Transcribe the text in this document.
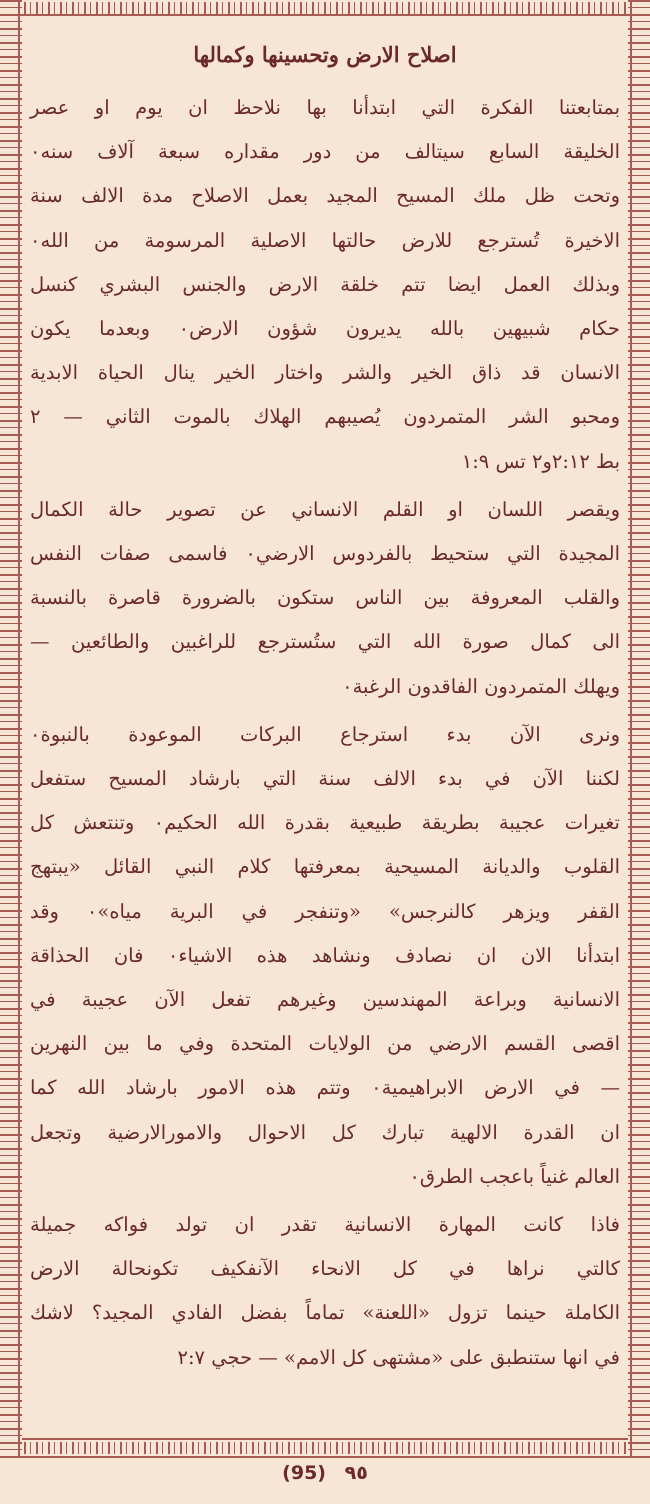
اصلاح الارض وتحسينها وكمالها

بمتابعتنا الفكرة التي ابتدأنا بها نلاحظ ان يوم او عصر

الخليقة السابع سيتالف من دور مقداره سبعة آلاف سنه٠

وتحت ظل ملك المسيح المجيد بعمل الاصلاح مدة الالف سنة

الاخيرة تُسترجع للارض حالتها الاصلية المرسومة من الله٠

وبذلك العمل ايضا تتم خلقة الارض والجنس البشري كنسل

حكام شبيهين بالله يديرون شؤون الارض٠ وبعدما يكون

الانسان قد ذاق الخير والشر واختار الخير ينال الحياة الابدية

ومحبو الشر المتمردون يُصيبهم الهلاك بالموت الثاني — ٢

بط ٢:١٢و٢ تس ١:٩

ويقصر اللسان او القلم الانساني عن تصوير حالة الكمال

المجيدة التي ستحيط بالفردوس الارضي٠ فاسمى صفات النفس

والقلب المعروفة بين الناس ستكون بالضرورة قاصرة بالنسبة

الى كمال صورة الله التي ستُسترجع للراغبين والطائعين —

ويهلك المتمردون الفاقدون الرغبة٠

ونرى الآن بدء استرجاع البركات الموعودة بالنبوة٠

لكننا الآن في بدء الالف سنة التي بارشاد المسيح ستفعل

تغيرات عجيبة بطريقة طبيعية بقدرة الله الحكيم٠ وتنتعش كل

القلوب والديانة المسيحية بمعرفتها كلام النبي القائل «يبتهج

القفر ويزهر كالنرجس» «وتنفجر في البرية مياه»٠ وقد

ابتدأنا الان ان نصادف ونشاهد هذه الاشياء٠ فان الحذاقة

الانسانية وبراعة المهندسين وغيرهم تفعل الآن عجيبة في

اقصى القسم الارضي من الولايات المتحدة وفي ما بين النهرين

— في الارض الابراهيمية٠ وتتم هذه الامور بارشاد الله كما

ان القدرة الالهية تبارك كل الاحوال والامورالارضية وتجعل

العالم غنياً باعجب الطرق٠

فاذا كانت المهارة الانسانية تقدر ان تولد فواكه جميلة

كالتي نراها في كل الانحاء الآنفكيف تكونحالة الارض

الكاملة حينما تزول «اللعنة» تماماً بفضل الفادي المجيد؟ لاشك

في انها ستنطبق على «مشتهى كل الامم» — حجي ٢:٧

(95) ٩٥
